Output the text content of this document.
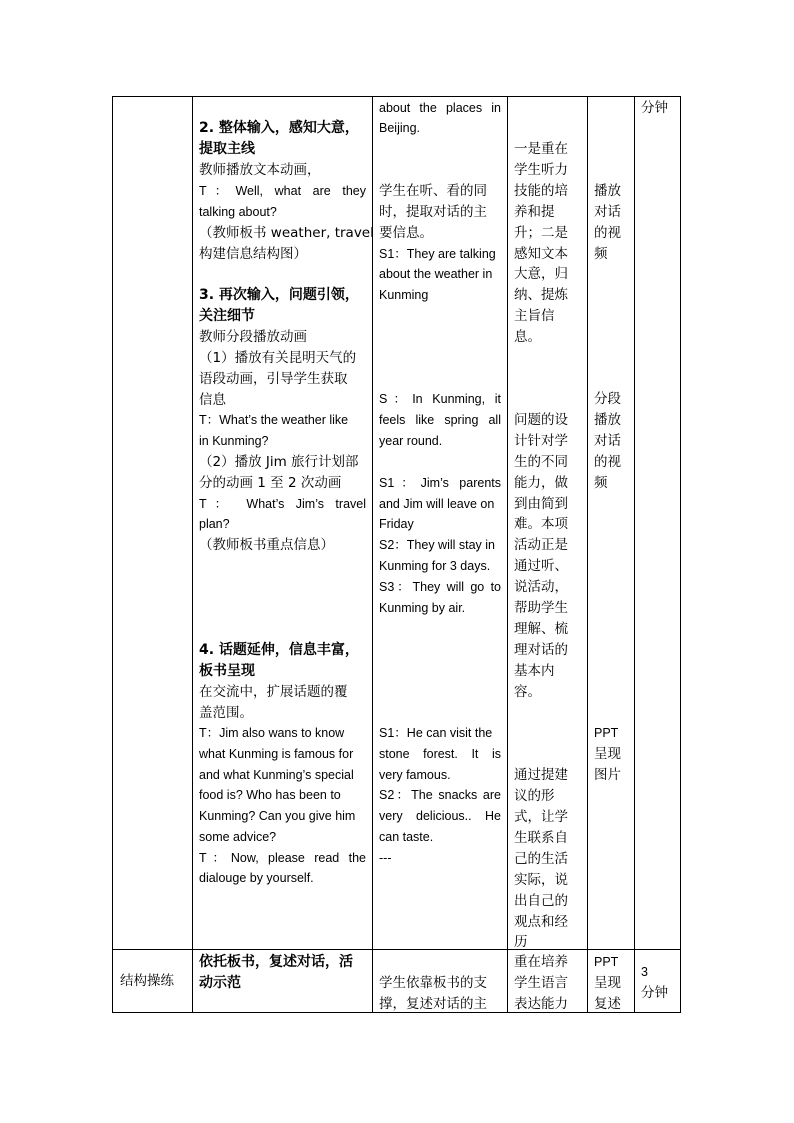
2. 整体输入，感知大意，
提取主线
教师播放文本动画，
T：Well, what are they
talking about?
（教师板书 weather, travel
构建信息结构图）
3. 再次输入，问题引领，
关注细节
教师分段播放动画
（1）播放有关昆明天气的
语段动画，引导学生获取
信息
T：What’s the weather like
in Kunming?
（2）播放 Jim 旅行计划部
分的动画 1 至 2 次动画
T： What’s Jim’s travel
plan?
（教师板书重点信息）
4. 话题延伸，信息丰富，
板书呈现
在交流中，扩展话题的覆
盖范围。
T：Jim also wans to know
what Kunming is famous for
and what Kunming’s special
food is? Who has been to
Kunming? Can you give him
some advice?
T：Now, please read the
dialouge by yourself.
依托板书，复述对话，活
动示范
about the places in
Beijing.
学生在听、看的同
时，提取对话的主
要信息。
S1：They are talking
about the weather in
Kunming
S：In Kunming, it
feels like spring all
year round.
S1：Jim’s parents
and Jim will leave on
Friday
S2：They will stay in
Kunming for 3 days.
S3：They will go to
Kunming by air.
S1：He can visit the
stone forest. It is
very famous.
S2：The snacks are
very delicious.. He
can taste.
---
学生依靠板书的支
撑，复述对话的主
一是重在
学生听力
技能的培
养和提
升；二是
感知文本
大意，归
纳、提炼
主旨信
息。
问题的设
计针对学
生的不同
能力，做
到由简到
难。本项
活动正是
通过听、
说活动，
帮助学生
理解、梳
理对话的
基本内
容。
通过提建
议的形
式，让学
生联系自
己的生活
实际，说
出自己的
观点和经
历
重在培养
学生语言
表达能力
播放
对话
的视
频
分段
播放
对话
的视
频
PPT
呈现
图片
PPT
呈现
复述
分钟
3
分钟
结构操练
